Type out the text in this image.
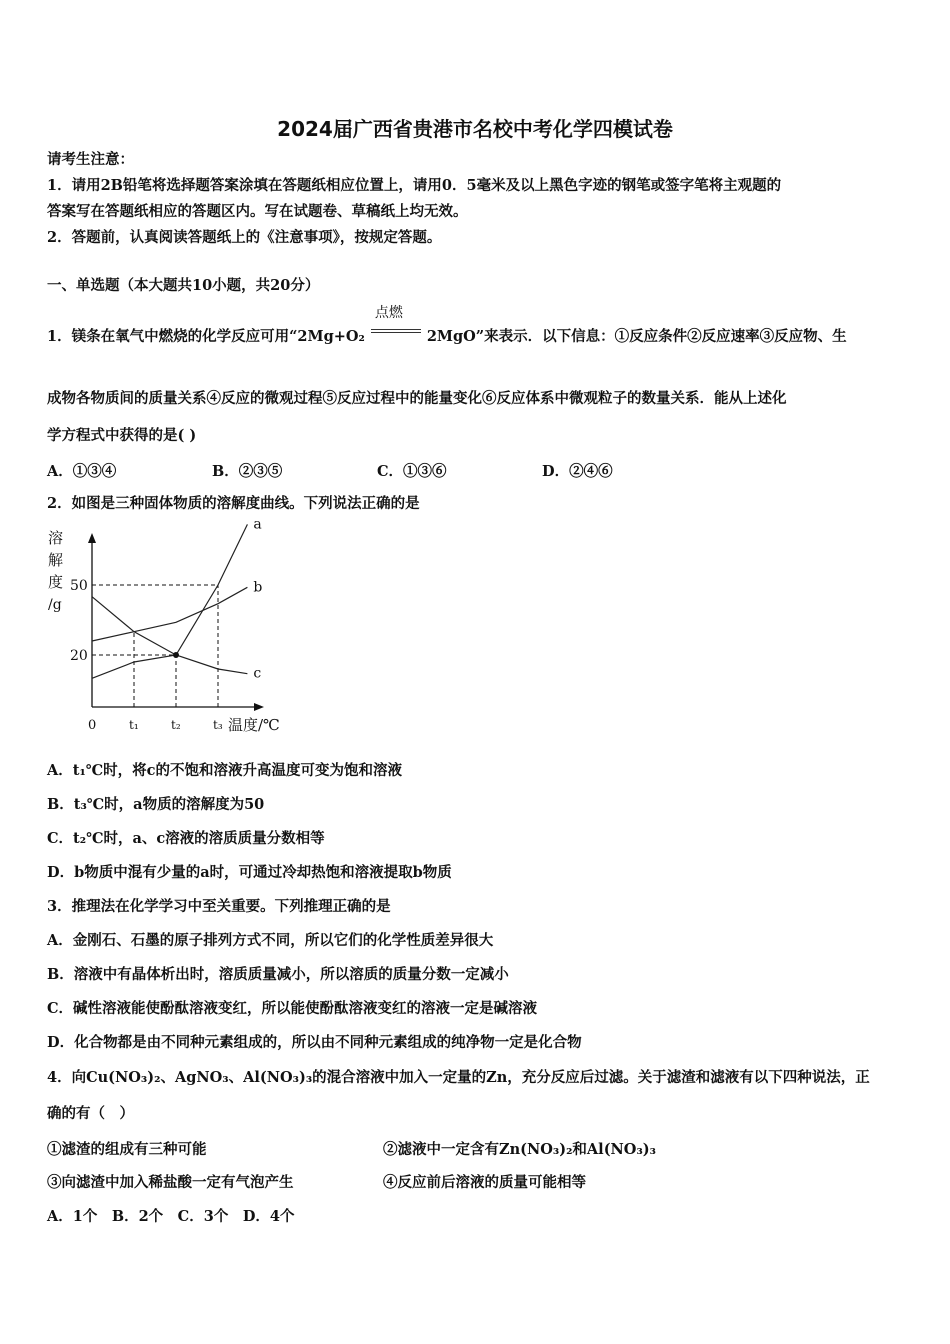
2024届广西省贵港市名校中考化学四模试卷
请考生注意：
1．请用2B铅笔将选择题答案涂填在答题纸相应位置上，请用0．5毫米及以上黑色字迹的钢笔或签字笔将主观题的
答案写在答题纸相应的答题区内。写在试题卷、草稿纸上均无效。
2．答题前，认真阅读答题纸上的《注意事项》，按规定答题。
一、单选题（本大题共10小题，共20分）
1．镁条在氧气中燃烧的化学反应可用“2Mg+O₂
点燃
2MgO”来表示．以下信息：①反应条件②反应速率③反应物、生
成物各物质间的质量关系④反应的微观过程⑤反应过程中的能量变化⑥反应体系中微观粒子的数量关系．能从上述化
学方程式中获得的是( )
A．①③④	B．②③⑤	C．①③⑥	D．②④⑥
2．如图是三种固体物质的溶解度曲线。下列说法正确的是
溶
解
度
/g
a
b
c
20
50
0	t₁	t₂	t₃ 温度/℃
A．t₁℃时，将c的不饱和溶液升高温度可变为饱和溶液
B．t₃℃时，a物质的溶解度为50
C．t₂℃时，a、c溶液的溶质质量分数相等
D．b物质中混有少量的a时，可通过冷却热饱和溶液提取b物质
3．推理法在化学学习中至关重要。下列推理正确的是
A．金刚石、石墨的原子排列方式不同，所以它们的化学性质差异很大
B．溶液中有晶体析出时，溶质质量减小，所以溶质的质量分数一定减小
C．碱性溶液能使酚酞溶液变红，所以能使酚酞溶液变红的溶液一定是碱溶液
D．化合物都是由不同种元素组成的，所以由不同种元素组成的纯净物一定是化合物
4．向Cu(NO₃)₂、AgNO₃、Al(NO₃)₃的混合溶液中加入一定量的Zn，充分反应后过滤。关于滤渣和滤液有以下四种说法，正
确的有（　）
①滤渣的组成有三种可能	②滤液中一定含有Zn(NO₃)₂和Al(NO₃)₃
③向滤渣中加入稀盐酸一定有气泡产生	④反应前后溶液的质量可能相等
A．1个　B．2个　C．3个　D．4个
